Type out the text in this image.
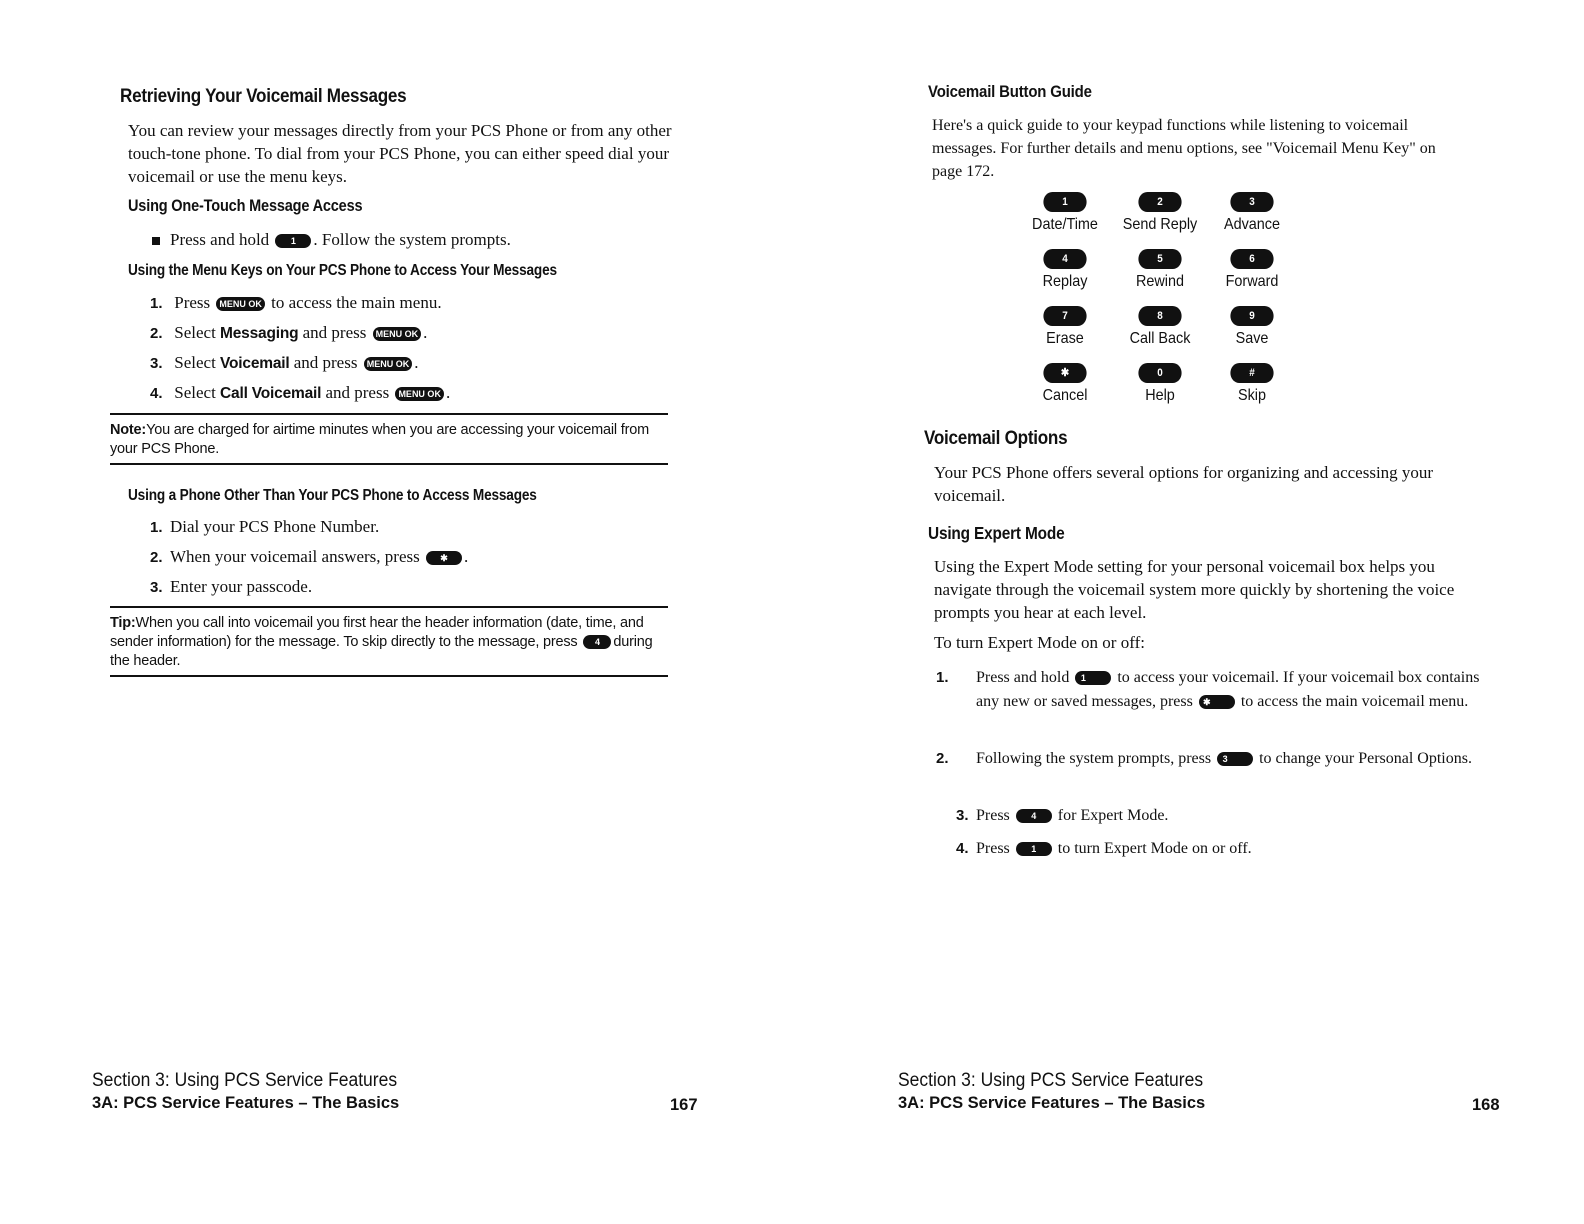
Retrieving Your Voicemail Messages

You can review your messages directly from your PCS Phone or from any other touch-tone phone. To dial from your PCS Phone, you can either speed dial your voicemail or use the menu keys.

Using One-Touch Message Access
Press and hold 1 . Follow the system prompts.
Using the Menu Keys on Your PCS Phone to Access Your Messages
1. Press MENU OK to access the main menu.
2. Select Messaging and press MENU OK .
3. Select Voicemail and press MENU OK .
4. Select Call Voicemail and press MENU OK .
Note:You are charged for airtime minutes when you are accessing your voicemail from your PCS Phone.
Using a Phone Other Than Your PCS Phone to Access Messages
1. Dial your PCS Phone Number.
2. When your voicemail answers, press ✱ .
3. Enter your passcode.
Tip:When you call into voicemail you first hear the header information (date, time, and sender information) for the message. To skip directly to the message, press 4 during the header.
Section 3: Using PCS Service Features
3A: PCS Service Features – The Basics	167
Voicemail Button Guide

Here's a quick guide to your keypad functions while listening to voicemail messages. For further details and menu options, see "Voicemail Menu Key" on page 172.

1
Date/Time
2
Send Reply
3
Advance
4
Replay
5
Rewind
6
Forward
7
Erase
8
Call Back
9
Save
✱
Cancel
0
Help
#
Skip
Voicemail Options

Your PCS Phone offers several options for organizing and accessing your voicemail.

Using Expert Mode

Using the Expert Mode setting for your personal voicemail box helps you navigate through the voicemail system more quickly by shortening the voice prompts you hear at each level.

To turn Expert Mode on or off:
1. Press and hold 1 to access your voicemail. If your voicemail box contains any new or saved messages, press ✱ to access the main voicemail menu.
2. Following the system prompts, press 3 to change your Personal Options.
3. Press 4 for Expert Mode.
4. Press 1 to turn Expert Mode on or off.
Section 3: Using PCS Service Features
3A: PCS Service Features – The Basics	168
